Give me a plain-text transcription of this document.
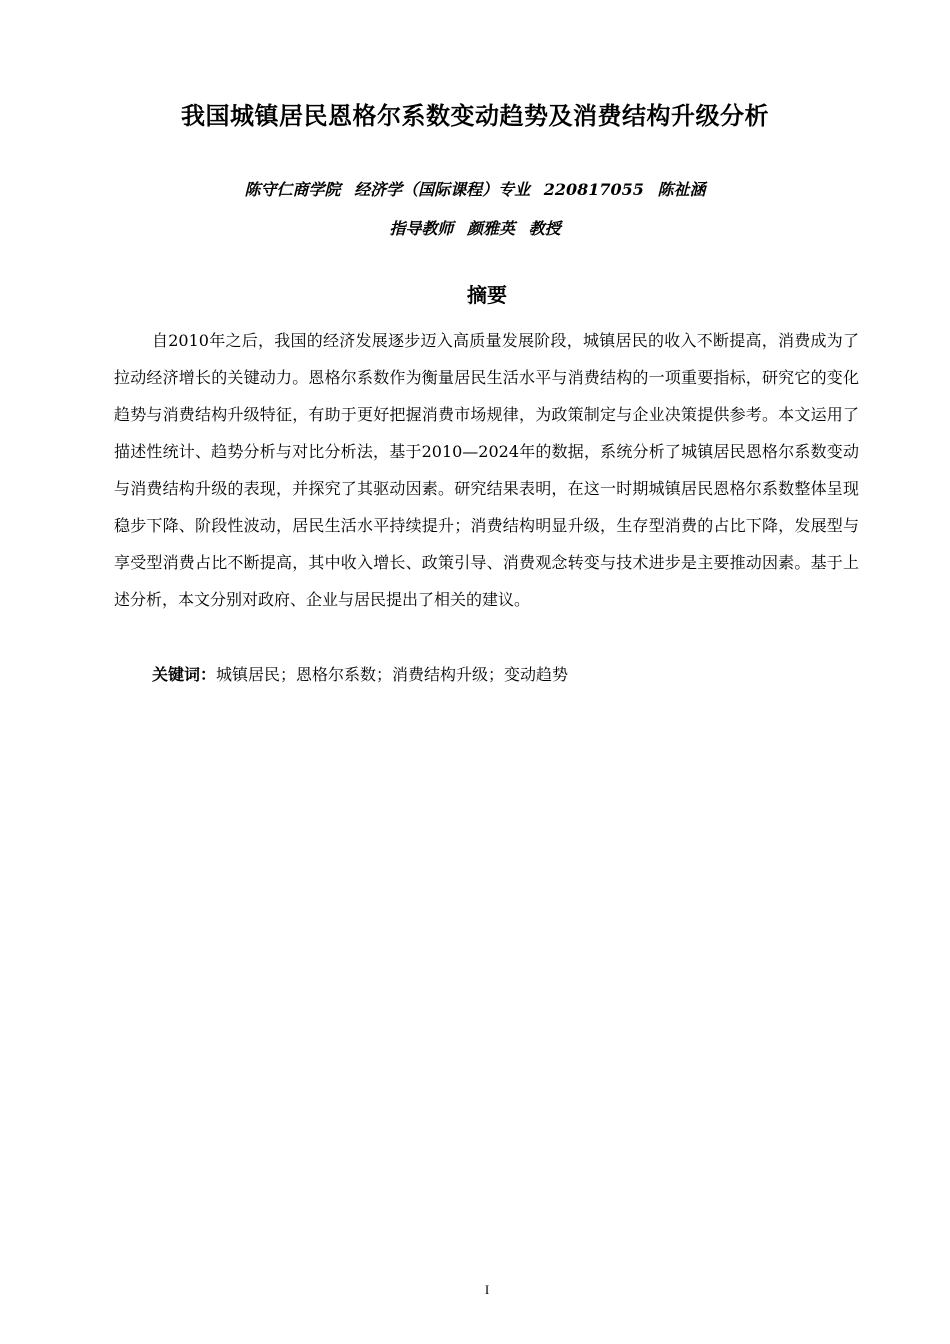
我国城镇居民恩格尔系数变动趋势及消费结构升级分析

陈守仁商学院 经济学（国际课程）专业 220817055 陈祉涵

指导教师 颜雅英 教授

摘要

自2010年之后，我国的经济发展逐步迈入高质量发展阶段，城镇居民的收入不断提高，消费成为了拉动经济增长的关键动力。恩格尔系数作为衡量居民生活水平与消费结构的一项重要指标，研究它的变化趋势与消费结构升级特征，有助于更好把握消费市场规律，为政策制定与企业决策提供参考。本文运用了描述性统计、趋势分析与对比分析法，基于2010—2024年的数据，系统分析了城镇居民恩格尔系数变动与消费结构升级的表现，并探究了其驱动因素。研究结果表明，在这一时期城镇居民恩格尔系数整体呈现稳步下降、阶段性波动，居民生活水平持续提升；消费结构明显升级，生存型消费的占比下降，发展型与享受型消费占比不断提高，其中收入增长、政策引导、消费观念转变与技术进步是主要推动因素。基于上述分析，本文分别对政府、企业与居民提出了相关的建议。

关键词：城镇居民；恩格尔系数；消费结构升级；变动趋势

I
